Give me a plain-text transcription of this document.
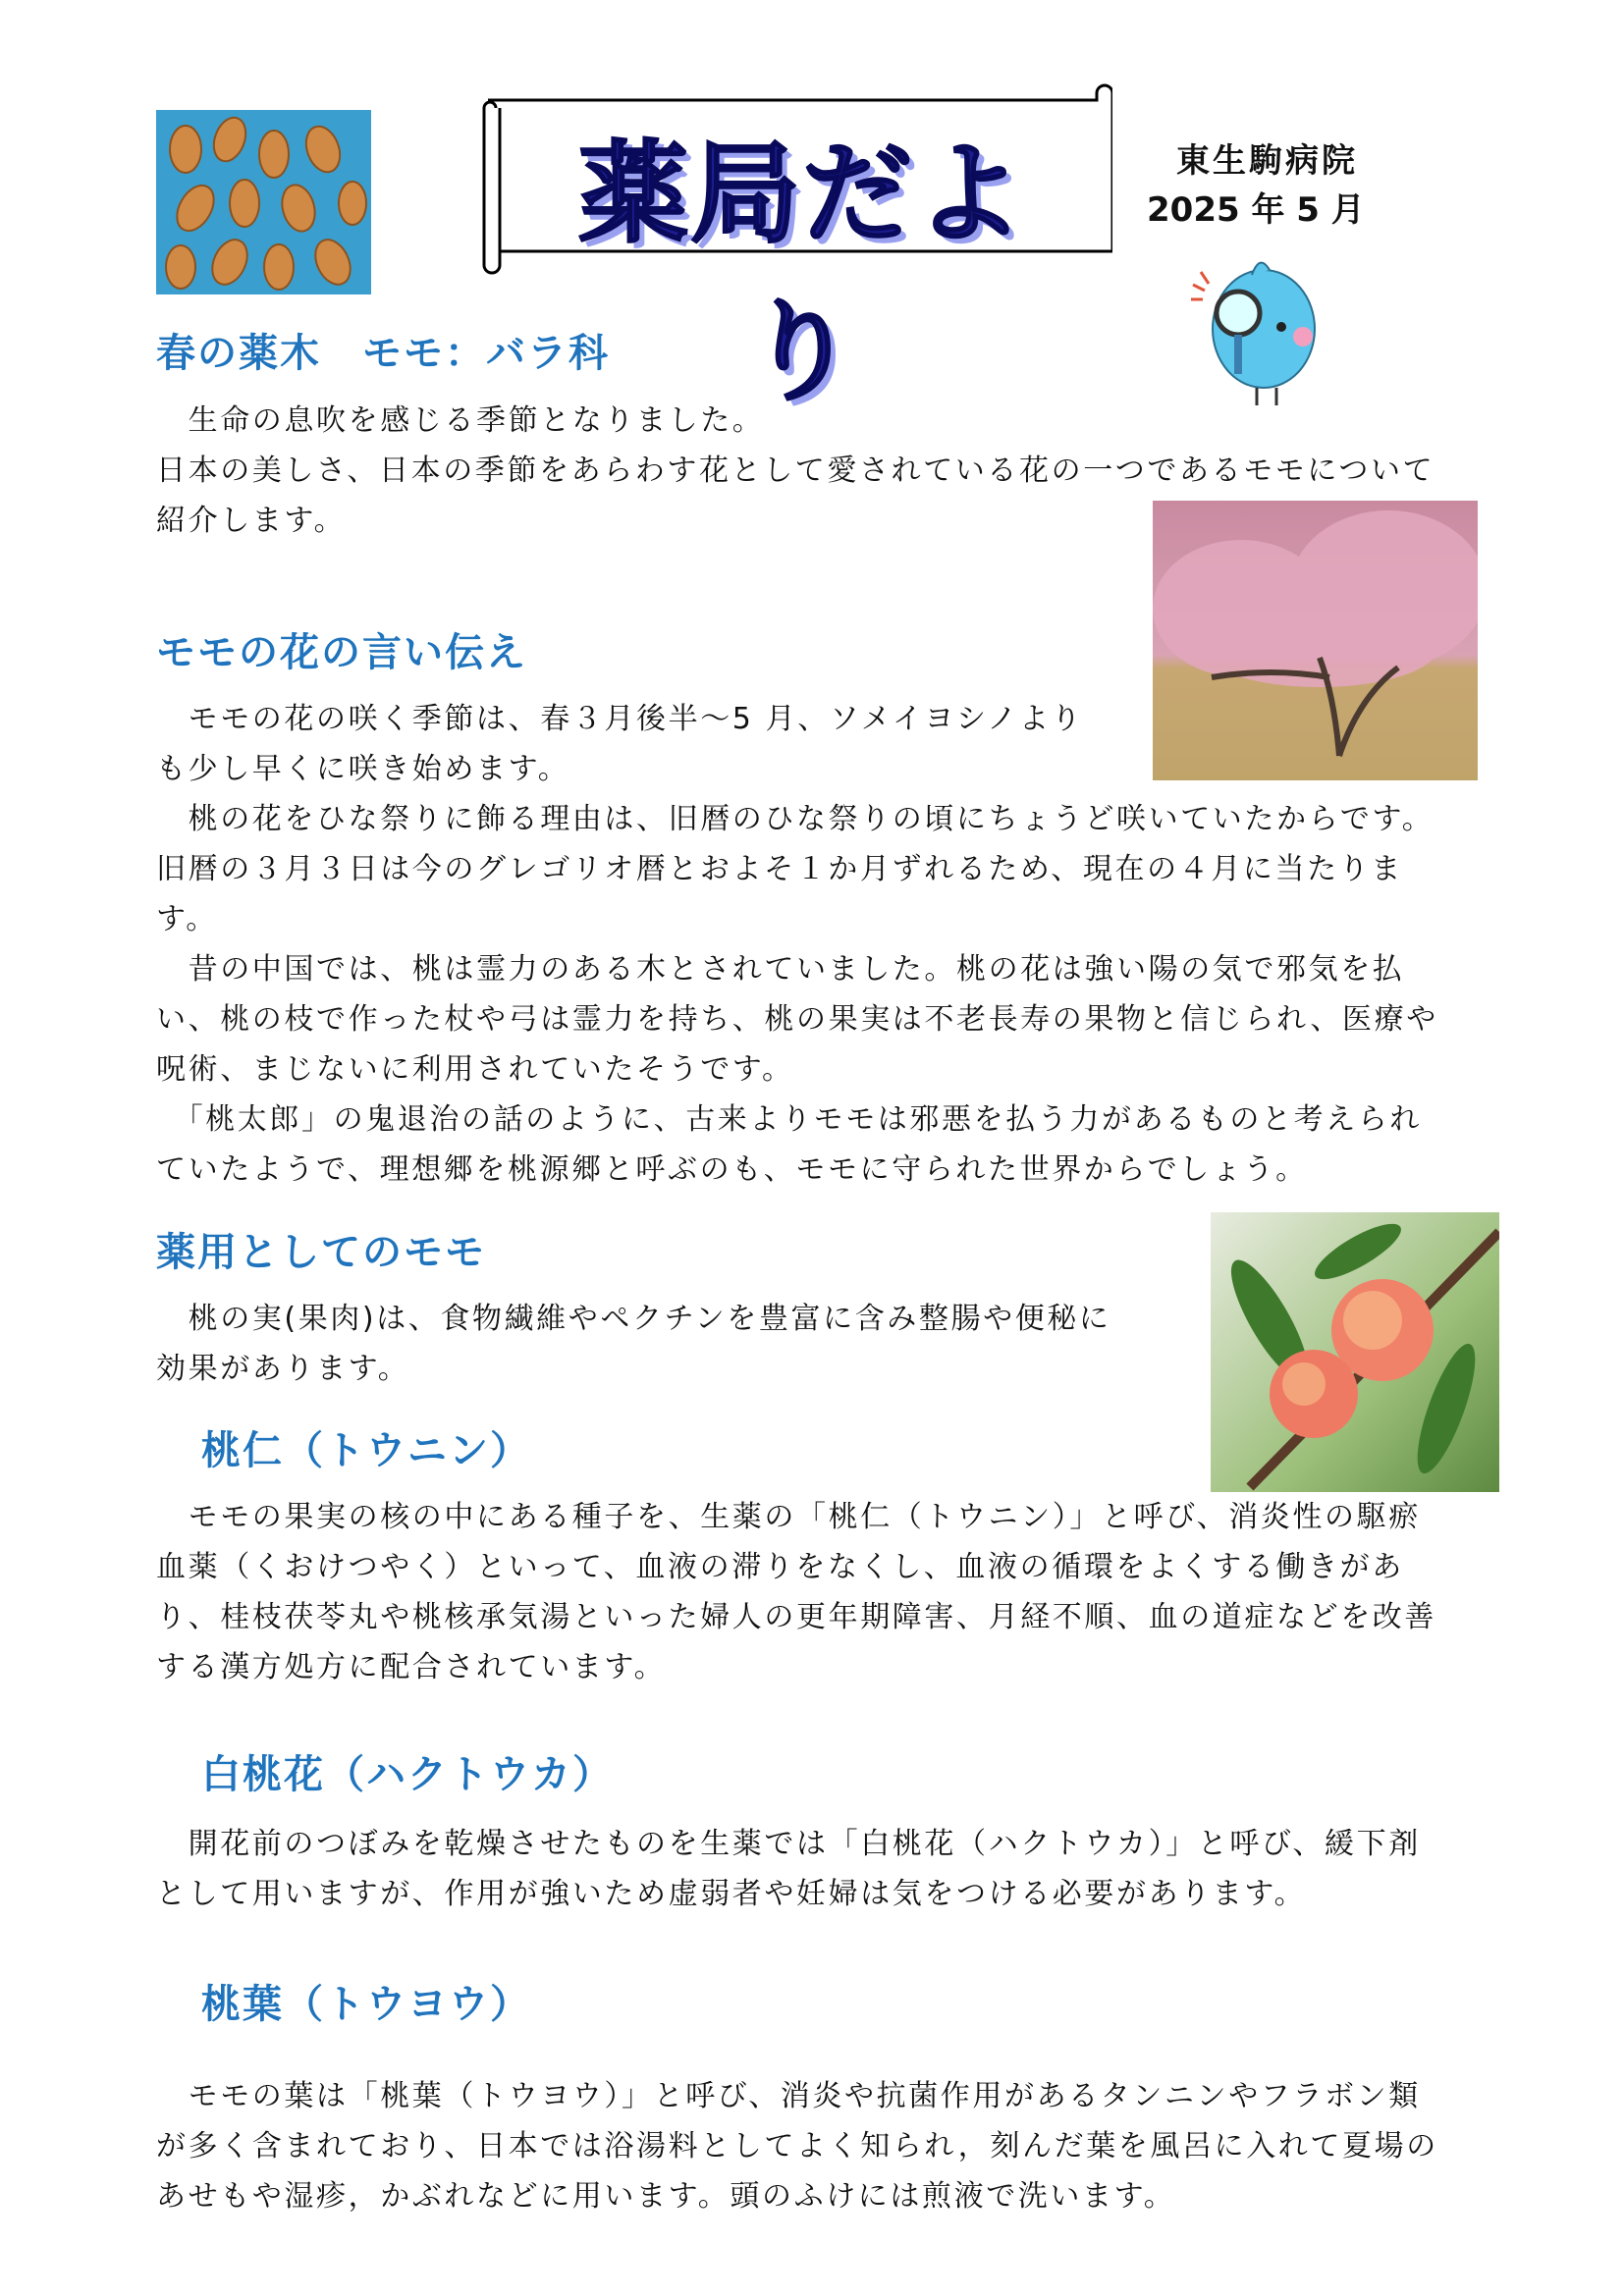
薬局だより
東生駒病院
2025 年 5 月
春の薬木　モモ：バラ科
　生命の息吹を感じる季節となりました。
日本の美しさ、日本の季節をあらわす花として愛されている花の一つであるモモについて
紹介します。
モモの花の言い伝え
　モモの花の咲く季節は、春３月後半～5 月、ソメイヨシノより
も少し早くに咲き始めます。
　桃の花をひな祭りに飾る理由は、旧暦のひな祭りの頃にちょうど咲いていたからです。
旧暦の３月３日は今のグレゴリオ暦とおよそ１か月ずれるため、現在の４月に当たりま
す。
　昔の中国では、桃は霊力のある木とされていました。桃の花は強い陽の気で邪気を払
い、桃の枝で作った杖や弓は霊力を持ち、桃の果実は不老長寿の果物と信じられ、医療や
呪術、まじないに利用されていたそうです。
　「桃太郎」の鬼退治の話のように、古来よりモモは邪悪を払う力があるものと考えられ
ていたようで、理想郷を桃源郷と呼ぶのも、モモに守られた世界からでしょう。
薬用としてのモモ
　桃の実(果肉)は、食物繊維やペクチンを豊富に含み整腸や便秘に
効果があります。
桃仁（トウニン）
　モモの果実の核の中にある種子を、生薬の「桃仁（トウニン）」と呼び、消炎性の駆瘀
血薬（くおけつやく）といって、血液の滞りをなくし、血液の循環をよくする働きがあ
り、桂枝茯苓丸や桃核承気湯といった婦人の更年期障害、月経不順、血の道症などを改善
する漢方処方に配合されています。
白桃花（ハクトウカ）
　開花前のつぼみを乾燥させたものを生薬では「白桃花（ハクトウカ）」と呼び、緩下剤
として用いますが、作用が強いため虚弱者や妊婦は気をつける必要があります。
桃葉（トウヨウ）
　モモの葉は「桃葉（トウヨウ）」と呼び、消炎や抗菌作用があるタンニンやフラボン類
が多く含まれており、日本では浴湯料としてよく知られ，刻んだ葉を風呂に入れて夏場の
あせもや湿疹，かぶれなどに用います。頭のふけには煎液で洗います。
